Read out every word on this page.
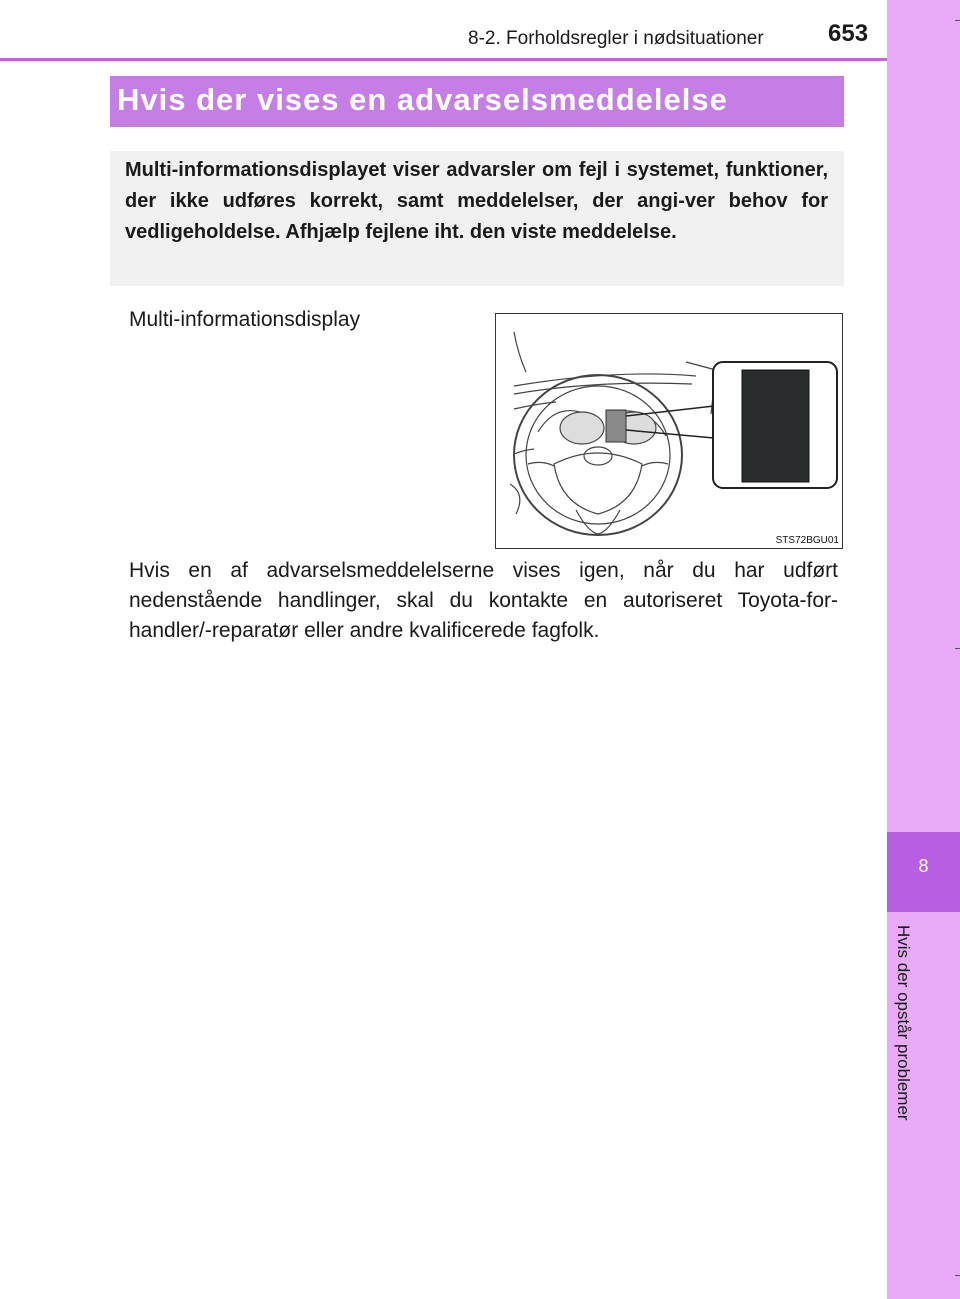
8-2. Forholdsregler i nødsituationer	653
8
Hvis der opstår problemer
Hvis der vises en advarselsmeddelelse

Multi-informationsdisplayet viser advarsler om fejl i systemet, funktioner, der ikke udføres korrekt, samt meddelelser, der angi-ver behov for vedligeholdelse. Afhjælp fejlene iht. den viste meddelelse.

Multi-informationsdisplay
STS72BGU01

Hvis en af advarselsmeddelelserne vises igen, når du har udført nedenstående handlinger, skal du kontakte en autoriseret Toyota-for-handler/-reparatør eller andre kvalificerede fagfolk.
